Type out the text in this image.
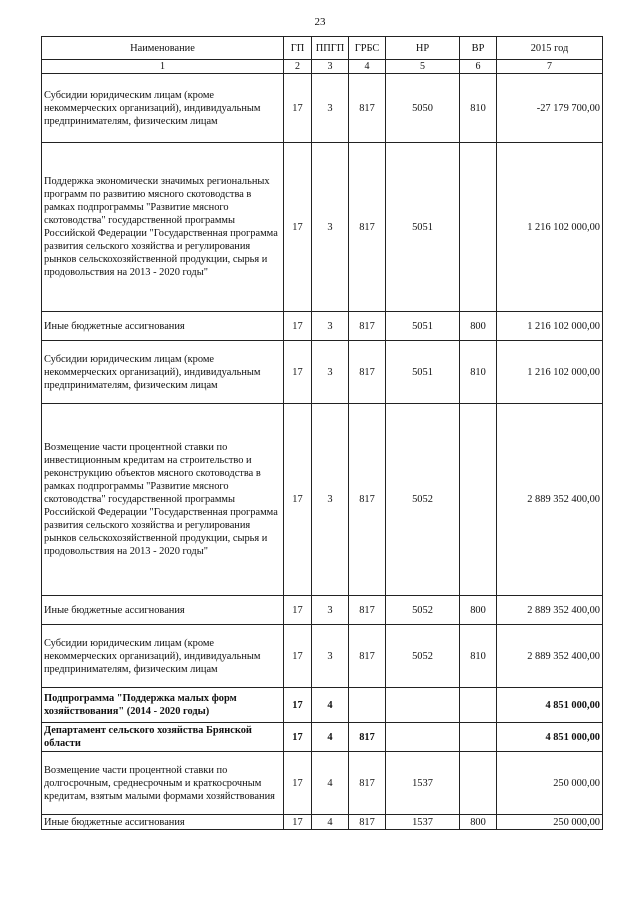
23
Наименование	ГП	ППГП	ГРБС	НР	ВР	2015 год
1	2	3	4	5	6	7
Субсидии юридическим лицам (кроме некоммерческих организаций), индивидуальным предпринимателям, физическим лицам	17	3	817	5050	810	-27 179 700,00
Поддержка экономически значимых региональных программ по развитию мясного скотоводства в рамках подпрограммы "Развитие мясного скотоводства" государственной программы Российской Федерации "Государственная программа развития сельского хозяйства и регулирования рынков сельскохозяйственной продукции, сырья и продовольствия на 2013 - 2020 годы"	17	3	817	5051		1 216 102 000,00
Иные бюджетные ассигнования	17	3	817	5051	800	1 216 102 000,00
Субсидии юридическим лицам (кроме некоммерческих организаций), индивидуальным предпринимателям, физическим лицам	17	3	817	5051	810	1 216 102 000,00
Возмещение части процентной ставки по инвестиционным кредитам на строительство и реконструкцию объектов мясного скотоводства в рамках подпрограммы "Развитие мясного скотоводства" государственной программы Российской Федерации "Государственная программа развития сельского хозяйства и регулирования рынков сельскохозяйственной продукции, сырья и продовольствия на 2013 - 2020 годы"	17	3	817	5052		2 889 352 400,00
Иные бюджетные ассигнования	17	3	817	5052	800	2 889 352 400,00
Субсидии юридическим лицам (кроме некоммерческих организаций), индивидуальным предпринимателям, физическим лицам	17	3	817	5052	810	2 889 352 400,00
Подпрограмма "Поддержка малых форм хозяйствования" (2014 - 2020 годы)	17	4				4 851 000,00
Департамент сельского хозяйства Брянской области	17	4	817			4 851 000,00
Возмещение части процентной ставки по долгосрочным, среднесрочным и краткосрочным кредитам, взятым малыми формами хозяйствования	17	4	817	1537		250 000,00
Иные бюджетные ассигнования	17	4	817	1537	800	250 000,00
